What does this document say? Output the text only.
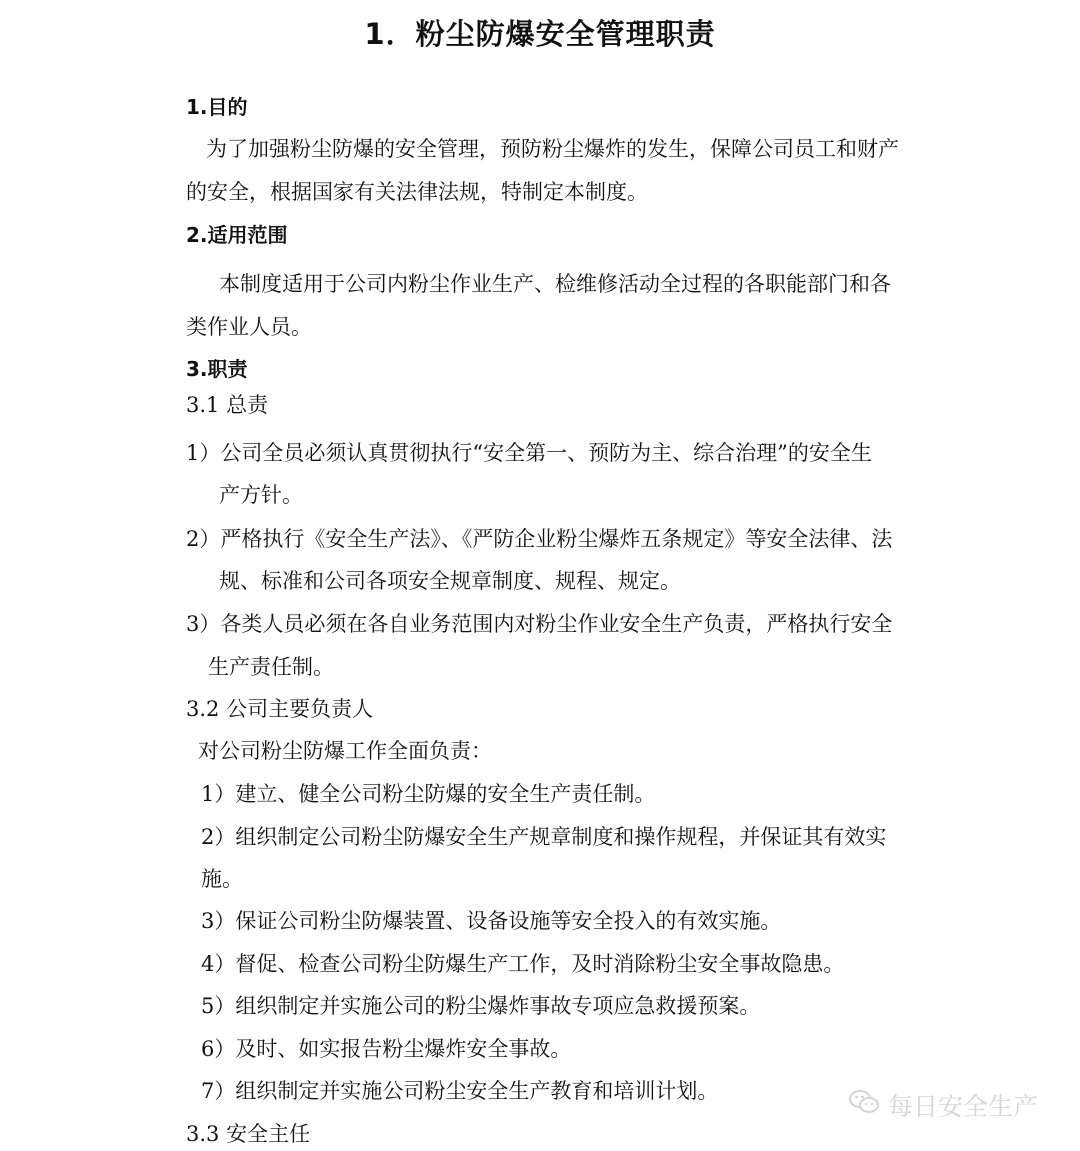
1．粉尘防爆安全管理职责
1.目的
为了加强粉尘防爆的安全管理，预防粉尘爆炸的发生，保障公司员工和财产
的安全，根据国家有关法律法规，特制定本制度。
2.适用范围
本制度适用于公司内粉尘作业生产、检维修活动全过程的各职能部门和各
类作业人员。
3.职责
3.1 总责
1）公司全员必须认真贯彻执行“安全第一、预防为主、综合治理”的安全生
产方针。
2）严格执行《安全生产法》、《严防企业粉尘爆炸五条规定》等安全法律、法
规、标准和公司各项安全规章制度、规程、规定。
3）各类人员必须在各自业务范围内对粉尘作业安全生产负责，严格执行安全
生产责任制。
3.2 公司主要负责人
对公司粉尘防爆工作全面负责：
1）建立、健全公司粉尘防爆的安全生产责任制。
2）组织制定公司粉尘防爆安全生产规章制度和操作规程，并保证其有效实
施。
3）保证公司粉尘防爆装置、设备设施等安全投入的有效实施。
4）督促、检查公司粉尘防爆生产工作，及时消除粉尘安全事故隐患。
5）组织制定并实施公司的粉尘爆炸事故专项应急救援预案。
6）及时、如实报告粉尘爆炸安全事故。
7）组织制定并实施公司粉尘安全生产教育和培训计划。
3.3 安全主任
每日安全生产
